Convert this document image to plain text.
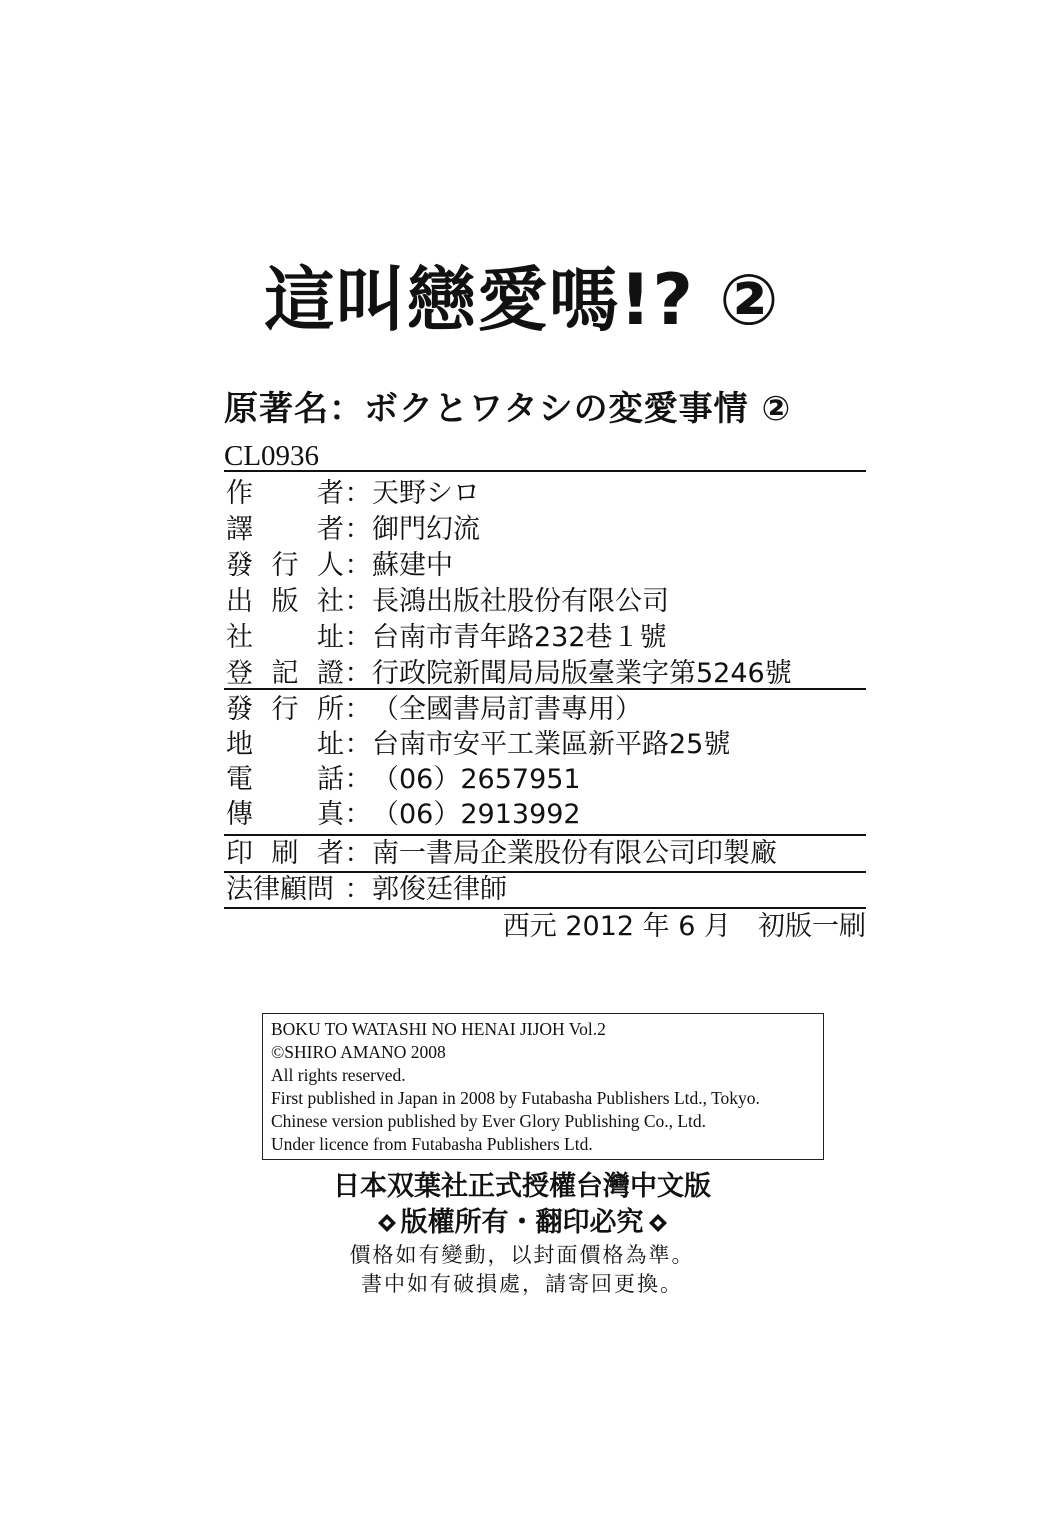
這叫戀愛嗎!? ②
原著名：ボクとワタシの変愛事情 ②
CL0936
作 者 ： 天野シロ
譯 者 ： 御門幻流
發 行 人 ： 蘇建中
出 版 社 ： 長鴻出版社股份有限公司
社 址 ： 台南市青年路232巷１號
登 記 證 ： 行政院新聞局局版臺業字第5246號
發 行 所 ： （全國書局訂書專用）
地 址 ： 台南市安平工業區新平路25號
電 話 ： （06）2657951
傳 真 ： （06）2913992
印 刷 者 ： 南一書局企業股份有限公司印製廠
法律顧問 ： 郭俊廷律師
西元 2012 年 6 月　初版一刷
BOKU TO WATASHI NO HENAI JIJOH Vol.2
©SHIRO AMANO 2008
All rights reserved.
First published in Japan in 2008 by Futabasha Publishers Ltd., Tokyo.
Chinese version published by Ever Glory Publishing Co., Ltd.
Under licence from Futabasha Publishers Ltd.
日本双葉社正式授權台灣中文版
版權所有・翻印必究
價格如有變動，以封面價格為準。
書中如有破損處，請寄回更換。
